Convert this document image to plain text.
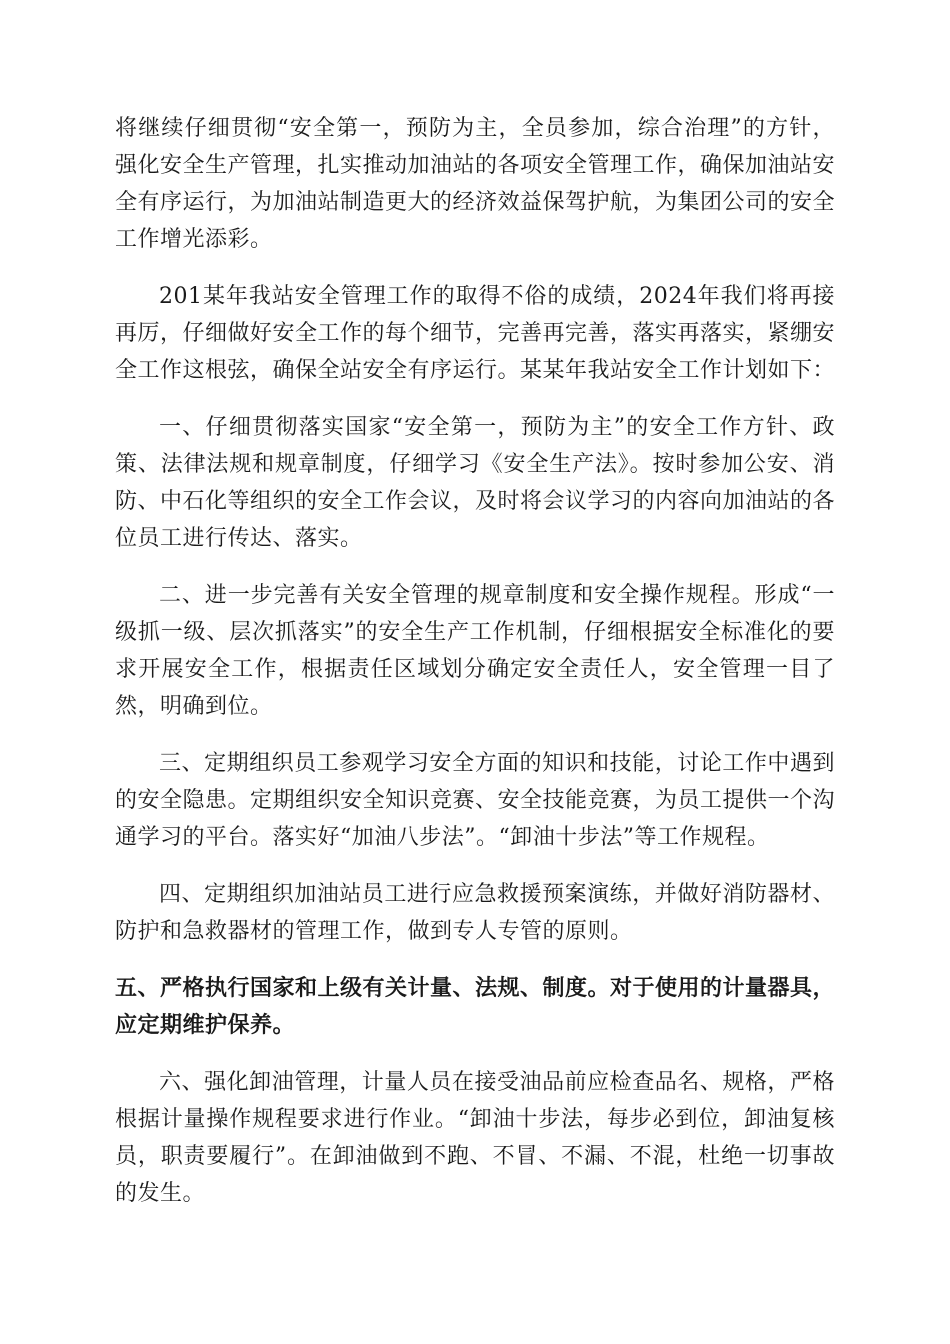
将继续仔细贯彻“安全第一，预防为主，全员参加，综合治理”的方针，强化安全生产管理，扎实推动加油站的各项安全管理工作，确保加油站安全有序运行，为加油站制造更大的经济效益保驾护航，为集团公司的安全工作增光添彩。

201某年我站安全管理工作的取得不俗的成绩，2024年我们将再接再厉，仔细做好安全工作的每个细节，完善再完善，落实再落实，紧绷安全工作这根弦，确保全站安全有序运行。某某年我站安全工作计划如下：

一、仔细贯彻落实国家“安全第一，预防为主”的安全工作方针、政策、法律法规和规章制度，仔细学习《安全生产法》。按时参加公安、消防、中石化等组织的安全工作会议，及时将会议学习的内容向加油站的各位员工进行传达、落实。

二、进一步完善有关安全管理的规章制度和安全操作规程。形成“一级抓一级、层次抓落实”的安全生产工作机制，仔细根据安全标准化的要求开展安全工作，根据责任区域划分确定安全责任人，安全管理一目了然，明确到位。

三、定期组织员工参观学习安全方面的知识和技能，讨论工作中遇到的安全隐患。定期组织安全知识竞赛、安全技能竞赛，为员工提供一个沟通学习的平台。落实好“加油八步法”。“卸油十步法”等工作规程。

四、定期组织加油站员工进行应急救援预案演练，并做好消防器材、防护和急救器材的管理工作，做到专人专管的原则。

五、严格执行国家和上级有关计量、法规、制度。对于使用的计量器具，应定期维护保养。

六、强化卸油管理，计量人员在接受油品前应检查品名、规格，严格根据计量操作规程要求进行作业。“卸油十步法，每步必到位，卸油复核员，职责要履行”。在卸油做到不跑、不冒、不漏、不混，杜绝一切事故的发生。
